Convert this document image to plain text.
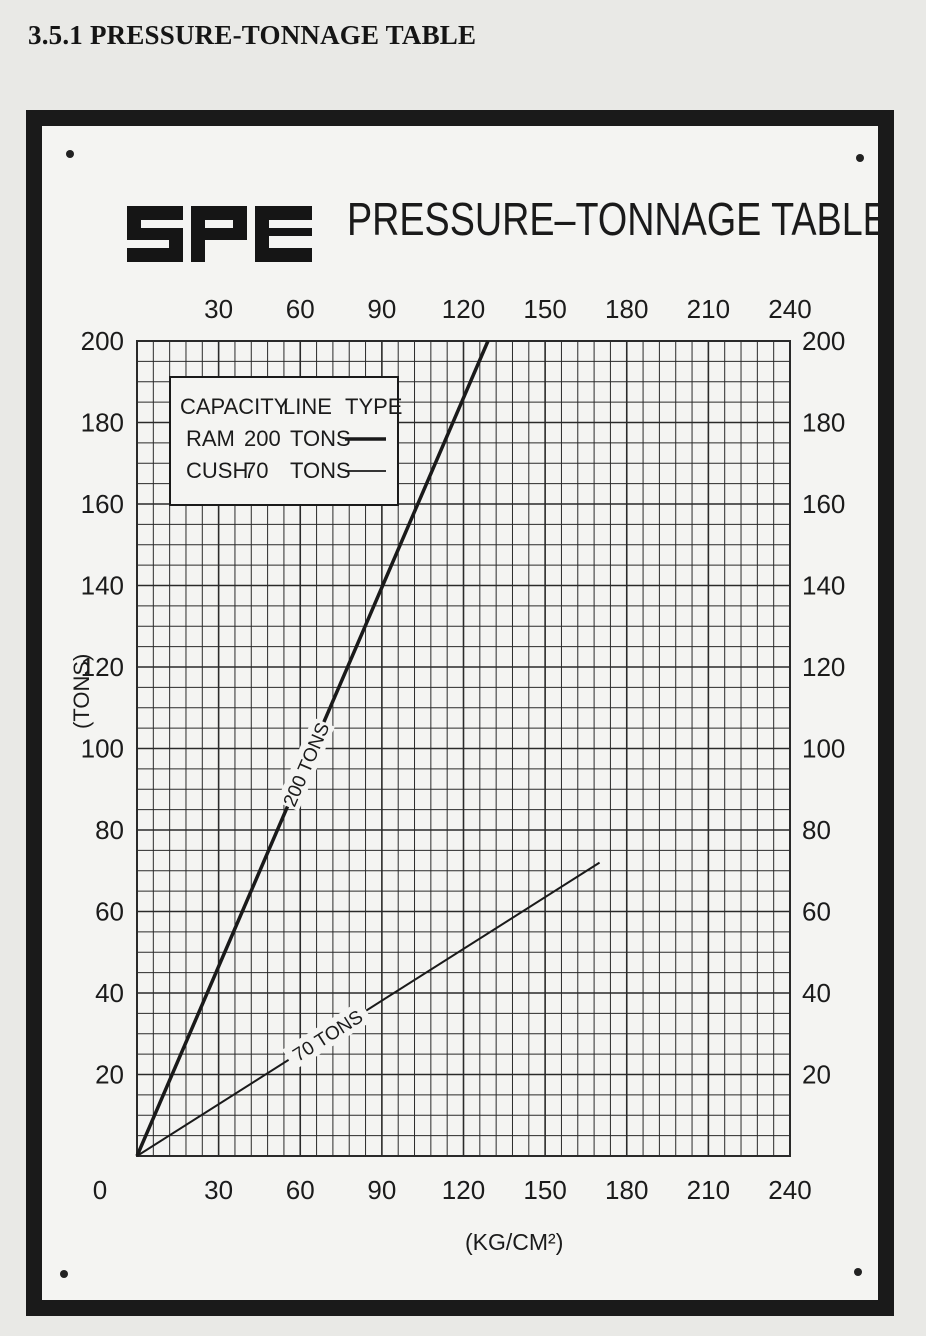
3.5.1 PRESSURE-TONNAGE TABLE
PRESSURE–TONNAGE TABLE
0	30 60 90 120 150 180 210 240
30 60 90 120 150 180 210 240
20
40
60
80
100
120
140
160
180
200
20
40
60
80
100
120
140
160
180
200
200 TONS
70 TONS
CAPACITY
LINE TYPE
RAM 200 TONS
CUSH
70 TONS
(TONS)
(KG/CM²)
